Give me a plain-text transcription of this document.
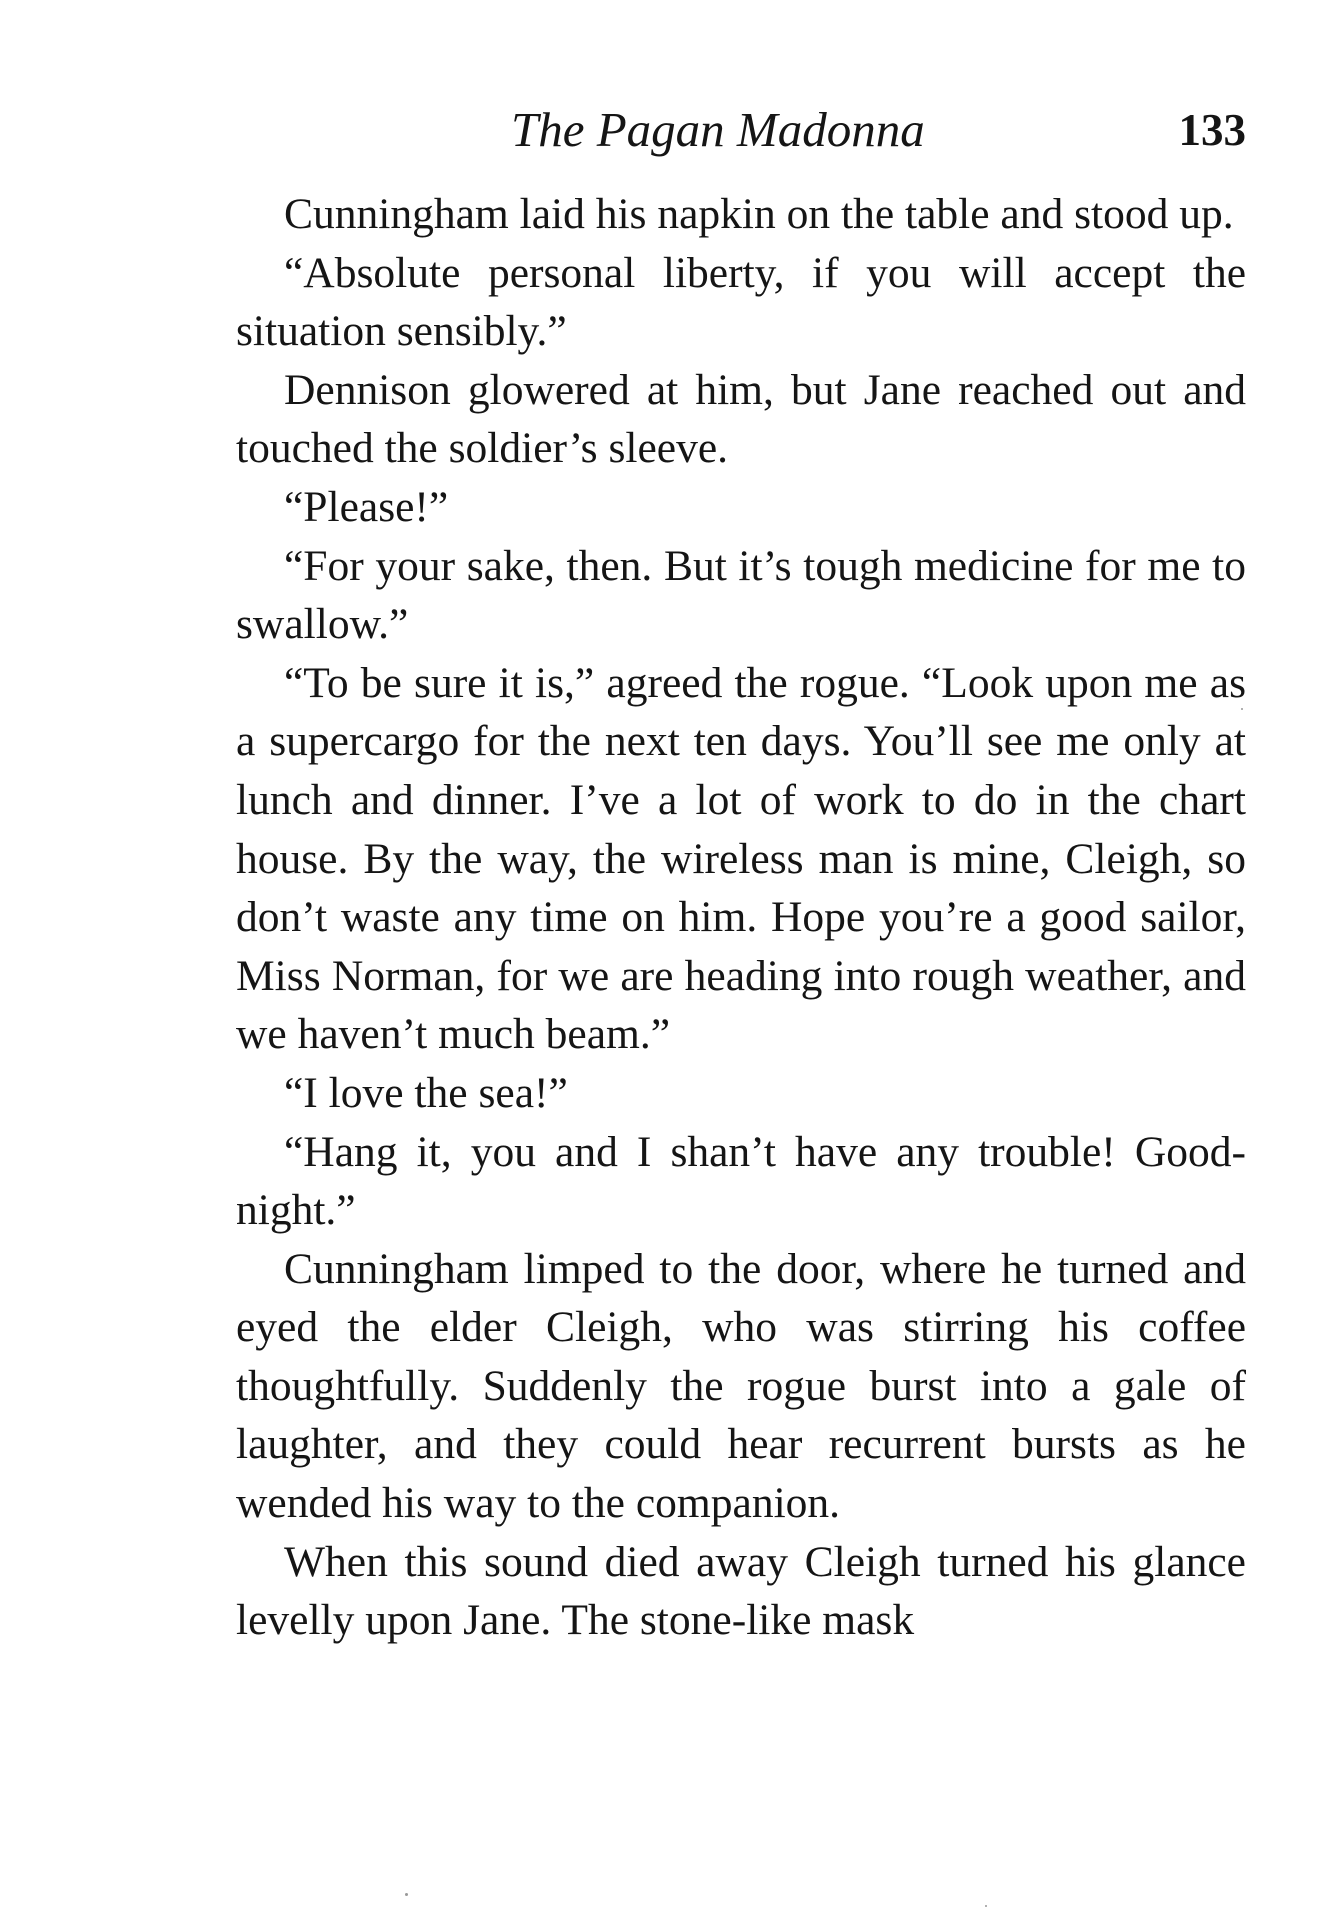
The Pagan Madonna	133

Cunningham laid his napkin on the table and stood up.

“Absolute personal liberty, if you will accept the situation sensibly.”

Dennison glowered at him, but Jane reached out and touched the soldier’s sleeve.

“Please!”

“For your sake, then. But it’s tough medicine for me to swallow.”

“To be sure it is,” agreed the rogue. “Look upon me as a supercargo for the next ten days. You’ll see me only at lunch and dinner. I’ve a lot of work to do in the chart house. By the way, the wireless man is mine, Cleigh, so don’t waste any time on him. Hope you’re a good sailor, Miss Norman, for we are heading into rough weather, and we haven’t much beam.”

“I love the sea!”

“Hang it, you and I shan’t have any trouble! Good-night.”

Cunningham limped to the door, where he turned and eyed the elder Cleigh, who was stirring his coffee thoughtfully. Suddenly the rogue burst into a gale of laughter, and they could hear recurrent bursts as he wended his way to the companion.

When this sound died away Cleigh turned his glance levelly upon Jane. The stone-like mask
